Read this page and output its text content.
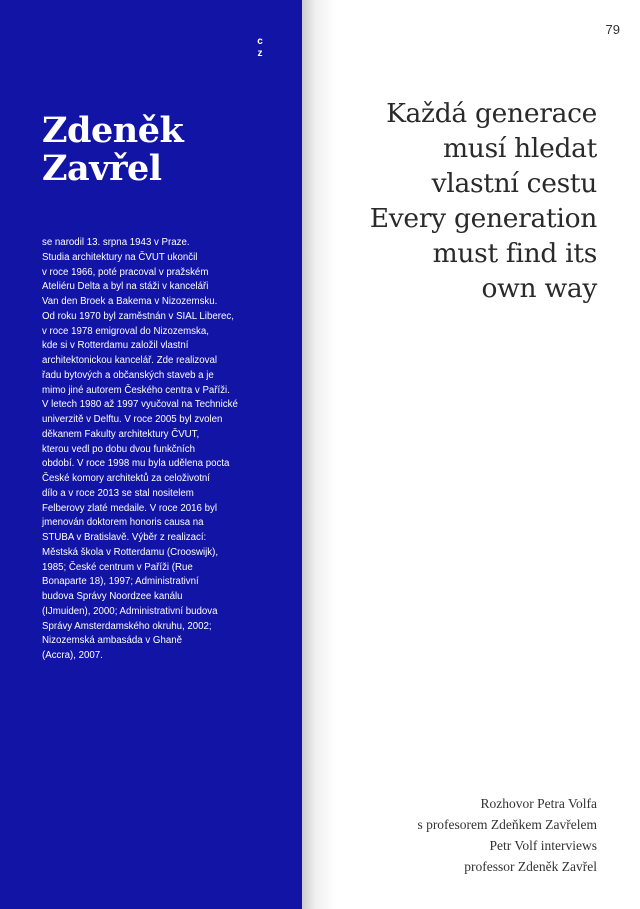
c
z
Zdeněk
Zavřel
se narodil 13. srpna 1943 v Praze.
Studia architektury na ČVUT ukončil
v roce 1966, poté pracoval v pražském
Ateliéru Delta a byl na stáži v kanceláři
Van den Broek a Bakema v Nizozemsku.
Od roku 1970 byl zaměstnán v SIAL Liberec,
v roce 1978 emigroval do Nizozemska,
kde si v Rotterdamu založil vlastní
architektonickou kancelář. Zde realizoval
řadu bytových a občanských staveb a je
mimo jiné autorem Českého centra v Paříži.
V letech 1980 až 1997 vyučoval na Technické
univerzitě v Delftu. V roce 2005 byl zvolen
děkanem Fakulty architektury ČVUT,
kterou vedl po dobu dvou funkčních
období. V roce 1998 mu byla udělena pocta
České komory architektů za celoživotní
dílo a v roce 2013 se stal nositelem
Felberovy zlaté medaile. V roce 2016 byl
jmenován doktorem honoris causa na
STUBA v Bratislavě. Výběr z realizací:
Městská škola v Rotterdamu (Crooswijk),
1985; České centrum v Paříži (Rue
Bonaparte 18), 1997; Administrativní
budova Správy Noordzee kanálu
(IJmuiden), 2000; Administrativní budova
Správy Amsterdamského okruhu, 2002;
Nizozemská ambasáda v Ghaně
(Accra), 2007.
79
Každá generace
musí hledat
vlastní cestu
Every generation
must find its
own way
Rozhovor Petra Volfa
s profesorem Zdeňkem Zavřelem
Petr Volf interviews
professor Zdeněk Zavřel
